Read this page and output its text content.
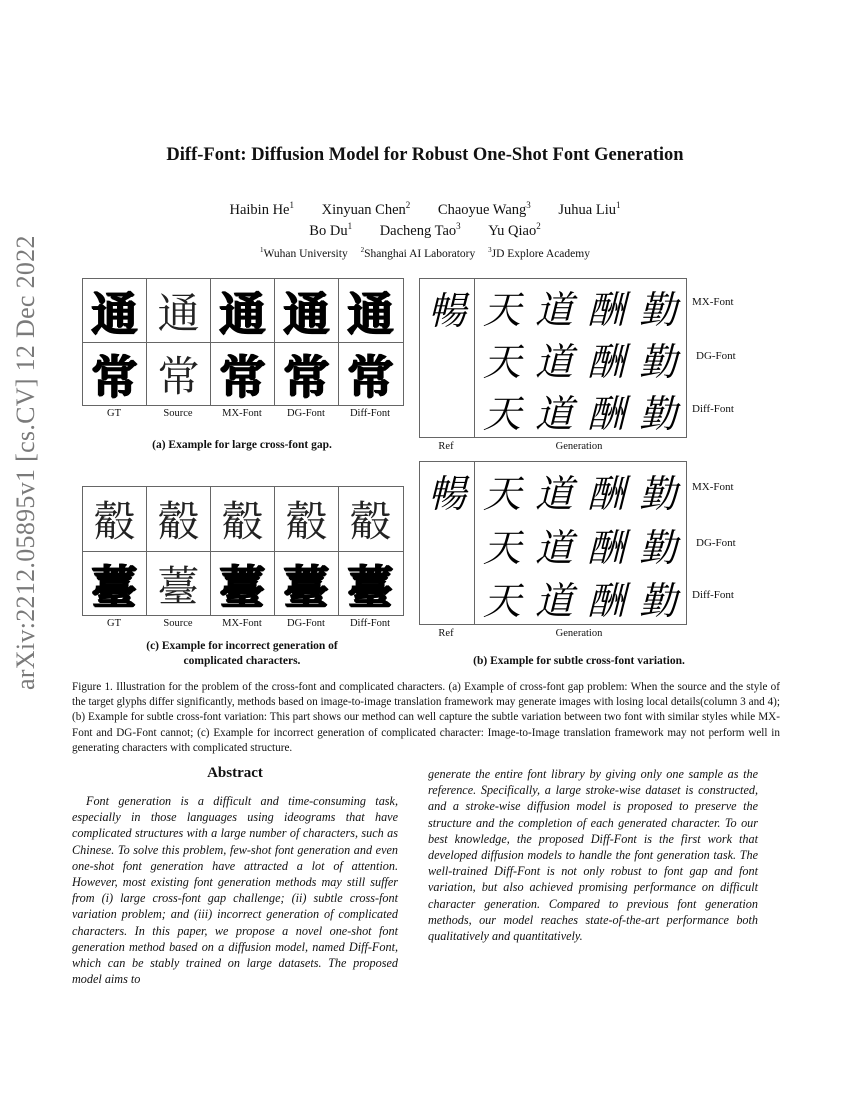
arXiv:2212.05895v1 [cs.CV] 12 Dec 2022
Diff-Font: Diffusion Model for Robust One-Shot Font Generation
Haibin He$^1$ Xinyuan Chen$^2$ Chaoyue Wang$^3$ Juhua Liu$^1$
Bo Du$^1$ Dacheng Tao$^3$ Yu Qiao$^2$
$^1$Wuhan University $^2$Shanghai AI Laboratory $^3$JD Explore Academy
通 通 通 通 通
常 常 常 常 常
GT	Source	MX-Font	DG-Font	Diff-Font
(a) Example for large cross-font gap.
觳 觳 觳 觳 觳
薹 薹 薹 薹 薹
GT	Source	MX-Font	DG-Font	Diff-Font
(c) Example for incorrect generation of
complicated characters.
暢 天 道 酬 勤
天 道 酬 勤
天 道 酬 勤
MX-Font
DG-Font
Diff-Font
Ref	Generation
暢 天 道 酬 勤
天 道 酬 勤
天 道 酬 勤
MX-Font
DG-Font
Diff-Font
Ref	Generation
(b) Example for subtle cross-font variation.
Figure 1. Illustration for the problem of the cross-font and complicated characters. (a) Example of cross-font gap problem: When the source and the style of the target glyphs differ significantly, methods based on image-to-image translation framework may generate images with losing local details(column 3 and 4); (b) Example for subtle cross-font variation: This part shows our method can well capture the subtle variation between two font with similar styles while MX-Font and DG-Font cannot; (c) Example for incorrect generation of complicated character: Image-to-Image translation framework may not perform well in generating characters with complicated structure.
Abstract
Font generation is a difficult and time-consuming task, especially in those languages using ideograms that have complicated structures with a large number of characters, such as Chinese. To solve this problem, few-shot font generation and even one-shot font generation have attracted a lot of attention. However, most existing font generation methods may still suffer from (i) large cross-font gap challenge; (ii) subtle cross-font variation problem; and (iii) incorrect generation of complicated characters. In this paper, we propose a novel one-shot font generation method based on a diffusion model, named Diff-Font, which can be stably trained on large datasets. The proposed model aims to
generate the entire font library by giving only one sample as the reference. Specifically, a large stroke-wise dataset is constructed, and a stroke-wise diffusion model is proposed to preserve the structure and the completion of each generated character. To our best knowledge, the proposed Diff-Font is the first work that developed diffusion models to handle the font generation task. The well-trained Diff-Font is not only robust to font gap and font variation, but also achieved promising performance on difficult character generation. Compared to previous font generation methods, our model reaches state-of-the-art performance both qualitatively and quantitatively.
